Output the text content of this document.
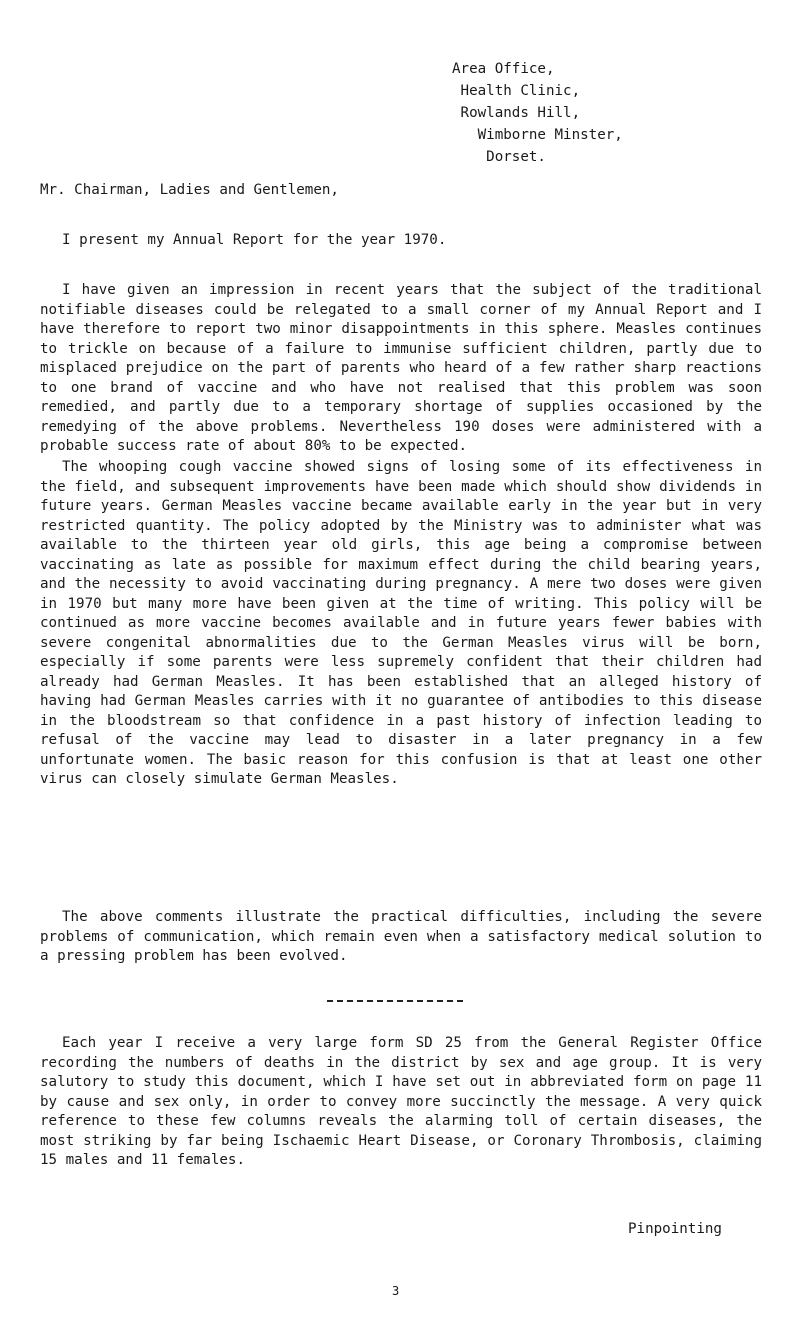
Area Office,
Health Clinic,
Rowlands Hill,
Wimborne Minster,
Dorset.
Mr. Chairman, Ladies and Gentlemen,
I present my Annual Report for the year 1970.
I have given an impression in recent years that the subject of the traditional notifiable diseases could be relegated to a small corner of my Annual Report and I have therefore to report two minor disappointments in this sphere. Measles continues to trickle on because of a failure to immunise sufficient children, partly due to misplaced prejudice on the part of parents who heard of a few rather sharp reactions to one brand of vaccine and who have not realised that this problem was soon remedied, and partly due to a temporary shortage of supplies occasioned by the remedying of the above problems. Nevertheless 190 doses were administered with a probable success rate of about 80% to be expected.
The whooping cough vaccine showed signs of losing some of its effectiveness in the field, and subsequent improvements have been made which should show dividends in future years. German Measles vaccine became available early in the year but in very restricted quantity. The policy adopted by the Ministry was to administer what was available to the thirteen year old girls, this age being a compromise between vaccinating as late as possible for maximum effect during the child bearing years, and the necessity to avoid vaccinating during pregnancy. A mere two doses were given in 1970 but many more have been given at the time of writing. This policy will be continued as more vaccine becomes available and in future years fewer babies with severe congenital abnormalities due to the German Measles virus will be born, especially if some parents were less supremely confident that their children had already had German Measles. It has been established that an alleged history of having had German Measles carries with it no guarantee of antibodies to this disease in the bloodstream so that confidence in a past history of infection leading to refusal of the vaccine may lead to disaster in a later pregnancy in a few unfortunate women. The basic reason for this confusion is that at least one other virus can closely simulate German Measles.
The above comments illustrate the practical difficulties, including the severe problems of communication, which remain even when a satisfactory medical solution to a pressing problem has been evolved.
Each year I receive a very large form SD 25 from the General Register Office recording the numbers of deaths in the district by sex and age group. It is very salutory to study this document, which I have set out in abbreviated form on page 11 by cause and sex only, in order to convey more succinctly the message. A very quick reference to these few columns reveals the alarming toll of certain diseases, the most striking by far being Ischaemic Heart Disease, or Coronary Thrombosis, claiming 15 males and 11 females.
Pinpointing
3
